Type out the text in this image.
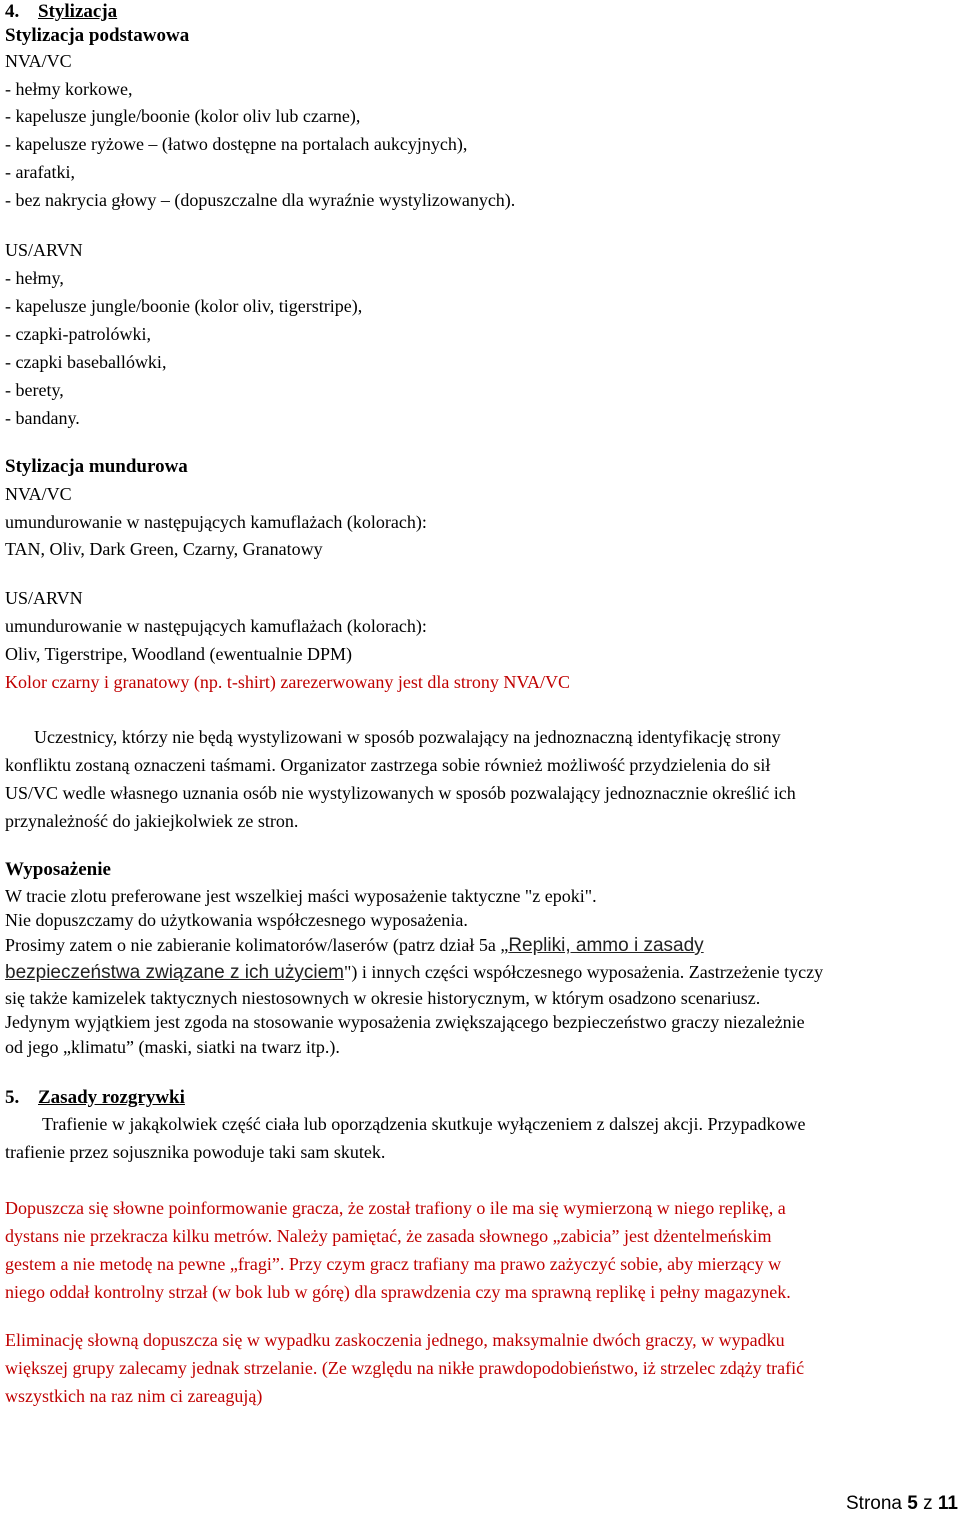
4. Stylizacja
Stylizacja podstawowa
NVA/VC
- hełmy korkowe,
- kapelusze jungle/boonie (kolor oliv lub czarne),
- kapelusze ryżowe – (łatwo dostępne na portalach aukcyjnych),
- arafatki,
- bez nakrycia głowy – (dopuszczalne dla wyraźnie wystylizowanych).
US/ARVN
- hełmy,
- kapelusze jungle/boonie (kolor oliv, tigerstripe),
- czapki-patrolówki,
- czapki baseballówki,
- berety,
- bandany.
Stylizacja mundurowa
NVA/VC
umundurowanie w następujących kamuflażach (kolorach):
TAN, Oliv, Dark Green, Czarny, Granatowy
US/ARVN
umundurowanie w następujących kamuflażach (kolorach):
Oliv, Tigerstripe, Woodland (ewentualnie DPM)
Kolor czarny i granatowy (np. t-shirt) zarezerwowany jest dla strony NVA/VC
Uczestnicy, którzy nie będą wystylizowani w sposób pozwalający na jednoznaczną identyfikację strony
konfliktu zostaną oznaczeni taśmami. Organizator zastrzega sobie również możliwość przydzielenia do sił
US/VC wedle własnego uznania osób nie wystylizowanych w sposób pozwalający jednoznacznie określić ich
przynależność do jakiejkolwiek ze stron.
Wyposażenie
W tracie zlotu preferowane jest wszelkiej maści wyposażenie taktyczne "z epoki".
Nie dopuszczamy do użytkowania współczesnego wyposażenia.
Prosimy zatem o nie zabieranie kolimatorów/laserów (patrz dział 5a „Repliki, ammo i zasady
bezpieczeństwa związane z ich użyciem") i innych części współczesnego wyposażenia. Zastrzeżenie tyczy
się także kamizelek taktycznych niestosownych w okresie historycznym, w którym osadzono scenariusz.
Jedynym wyjątkiem jest zgoda na stosowanie wyposażenia zwiększającego bezpieczeństwo graczy niezależnie
od jego „klimatu” (maski, siatki na twarz itp.).
5. Zasady rozgrywki
Trafienie w jakąkolwiek część ciała lub oporządzenia skutkuje wyłączeniem z dalszej akcji. Przypadkowe
trafienie przez sojusznika powoduje taki sam skutek.
Dopuszcza się słowne poinformowanie gracza, że został trafiony o ile ma się wymierzoną w niego replikę, a
dystans nie przekracza kilku metrów. Należy pamiętać, że zasada słownego „zabicia” jest dżentelmeńskim
gestem a nie metodę na pewne „fragi”. Przy czym gracz trafiany ma prawo zażyczyć sobie, aby mierzący w
niego oddał kontrolny strzał (w bok lub w górę) dla sprawdzenia czy ma sprawną replikę i pełny magazynek.
Eliminację słowną dopuszcza się w wypadku zaskoczenia jednego, maksymalnie dwóch graczy, w wypadku
większej grupy zalecamy jednak strzelanie. (Ze względu na nikłe prawdopodobieństwo, iż strzelec zdąży trafić
wszystkich na raz nim ci zareagują)
Strona 5 z 11
